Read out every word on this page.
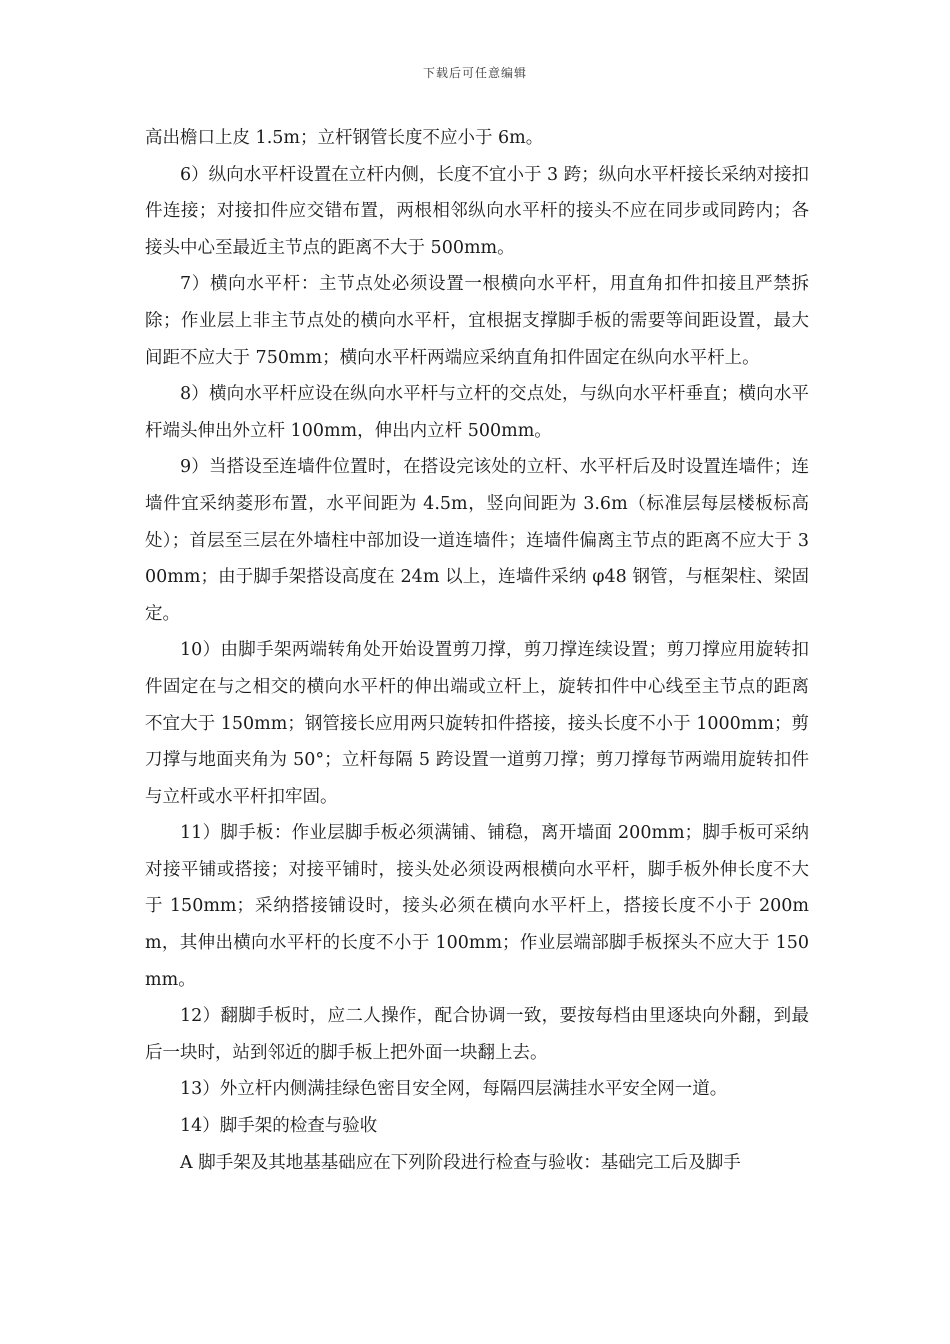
下载后可任意编辑

高出檐口上皮 1.5m；立杆钢管长度不应小于 6m。

6）纵向水平杆设置在立杆内侧，长度不宜小于 3 跨；纵向水平杆接长采纳对接扣件连接；对接扣件应交错布置，两根相邻纵向水平杆的接头不应在同步或同跨内；各接头中心至最近主节点的距离不大于 500mm。

7）横向水平杆：主节点处必须设置一根横向水平杆，用直角扣件扣接且严禁拆除；作业层上非主节点处的横向水平杆，宜根据支撑脚手板的需要等间距设置，最大间距不应大于 750mm；横向水平杆两端应采纳直角扣件固定在纵向水平杆上。

8）横向水平杆应设在纵向水平杆与立杆的交点处，与纵向水平杆垂直；横向水平杆端头伸出外立杆 100mm，伸出内立杆 500mm。

9）当搭设至连墙件位置时，在搭设完该处的立杆、水平杆后及时设置连墙件；连墙件宜采纳菱形布置，水平间距为 4.5m，竖向间距为 3.6m（标准层每层楼板标高处）；首层至三层在外墙柱中部加设一道连墙件；连墙件偏离主节点的距离不应大于 300mm；由于脚手架搭设高度在 24m 以上，连墙件采纳 φ48 钢管，与框架柱、梁固定。

10）由脚手架两端转角处开始设置剪刀撑，剪刀撑连续设置；剪刀撑应用旋转扣件固定在与之相交的横向水平杆的伸出端或立杆上，旋转扣件中心线至主节点的距离不宜大于 150mm；钢管接长应用两只旋转扣件搭接，接头长度不小于 1000mm；剪刀撑与地面夹角为 50°；立杆每隔 5 跨设置一道剪刀撑；剪刀撑每节两端用旋转扣件与立杆或水平杆扣牢固。

11）脚手板：作业层脚手板必须满铺、铺稳，离开墙面 200mm；脚手板可采纳对接平铺或搭接；对接平铺时，接头处必须设两根横向水平杆，脚手板外伸长度不大于 150mm；采纳搭接铺设时，接头必须在横向水平杆上，搭接长度不小于 200mm，其伸出横向水平杆的长度不小于 100mm；作业层端部脚手板探头不应大于 150mm。

12）翻脚手板时，应二人操作，配合协调一致，要按每档由里逐块向外翻，到最后一块时，站到邻近的脚手板上把外面一块翻上去。

13）外立杆内侧满挂绿色密目安全网，每隔四层满挂水平安全网一道。

14）脚手架的检查与验收

A 脚手架及其地基基础应在下列阶段进行检查与验收：基础完工后及脚手
